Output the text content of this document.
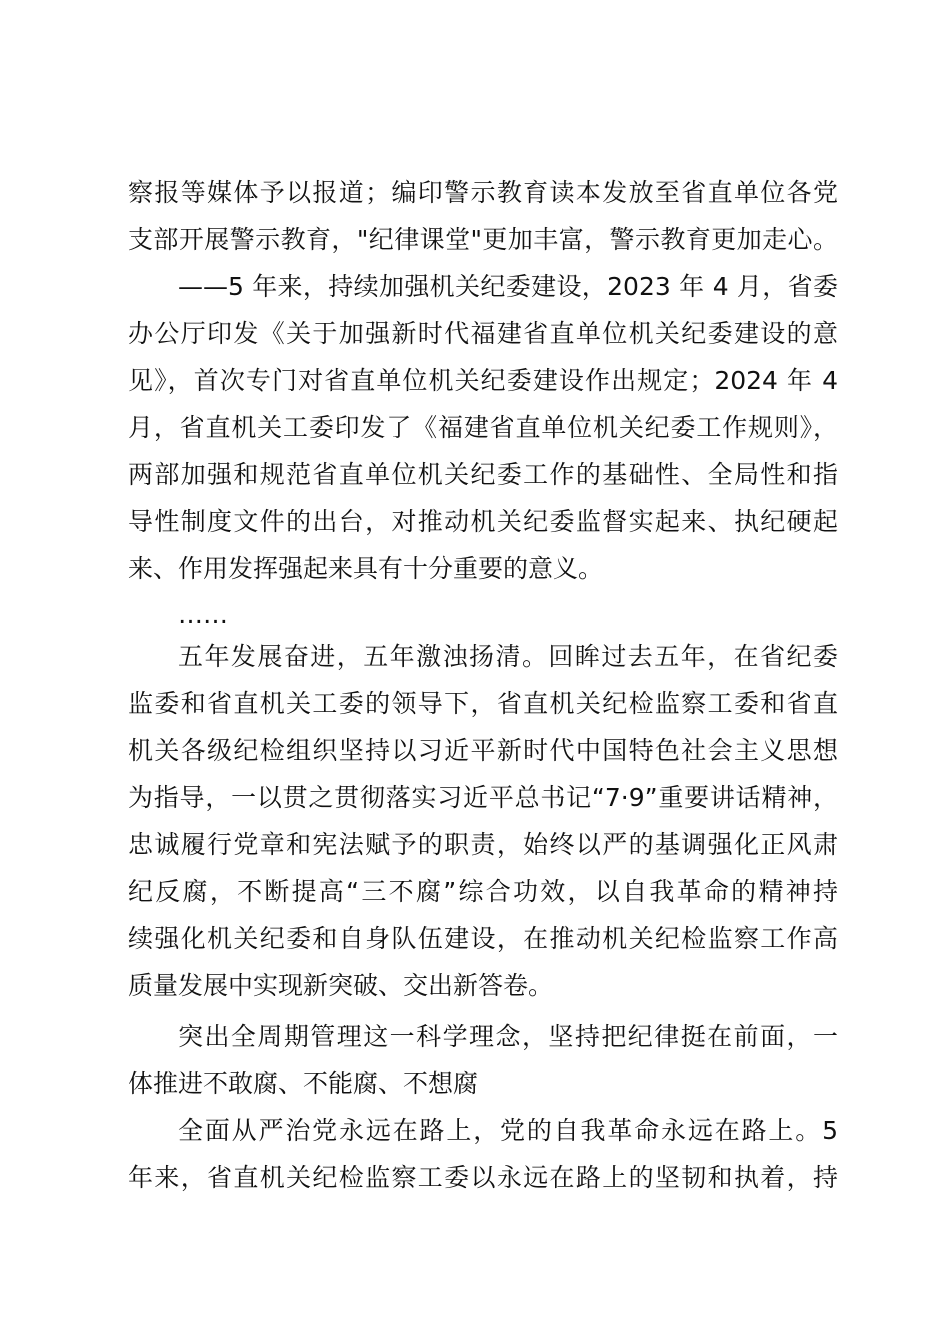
察报等媒体予以报道；编印警示教育读本发放至省直单位各党
支部开展警示教育，"纪律课堂"更加丰富，警示教育更加走心。
——5 年来，持续加强机关纪委建设，2023 年 4 月，省委
办公厅印发《关于加强新时代福建省直单位机关纪委建设的意
见》，首次专门对省直单位机关纪委建设作出规定；2024 年 4
月，省直机关工委印发了《福建省直单位机关纪委工作规则》，
两部加强和规范省直单位机关纪委工作的基础性、全局性和指
导性制度文件的出台，对推动机关纪委监督实起来、执纪硬起
来、作用发挥强起来具有十分重要的意义。
……
五年发展奋进，五年激浊扬清。回眸过去五年，在省纪委
监委和省直机关工委的领导下，省直机关纪检监察工委和省直
机关各级纪检组织坚持以习近平新时代中国特色社会主义思想
为指导，一以贯之贯彻落实习近平总书记“7·9”重要讲话精神，
忠诚履行党章和宪法赋予的职责，始终以严的基调强化正风肃
纪反腐，不断提高“三不腐”综合功效，以自我革命的精神持
续强化机关纪委和自身队伍建设，在推动机关纪检监察工作高
质量发展中实现新突破、交出新答卷。
突出全周期管理这一科学理念，坚持把纪律挺在前面，一
体推进不敢腐、不能腐、不想腐
全面从严治党永远在路上，党的自我革命永远在路上。5
年来，省直机关纪检监察工委以永远在路上的坚韧和执着，持
